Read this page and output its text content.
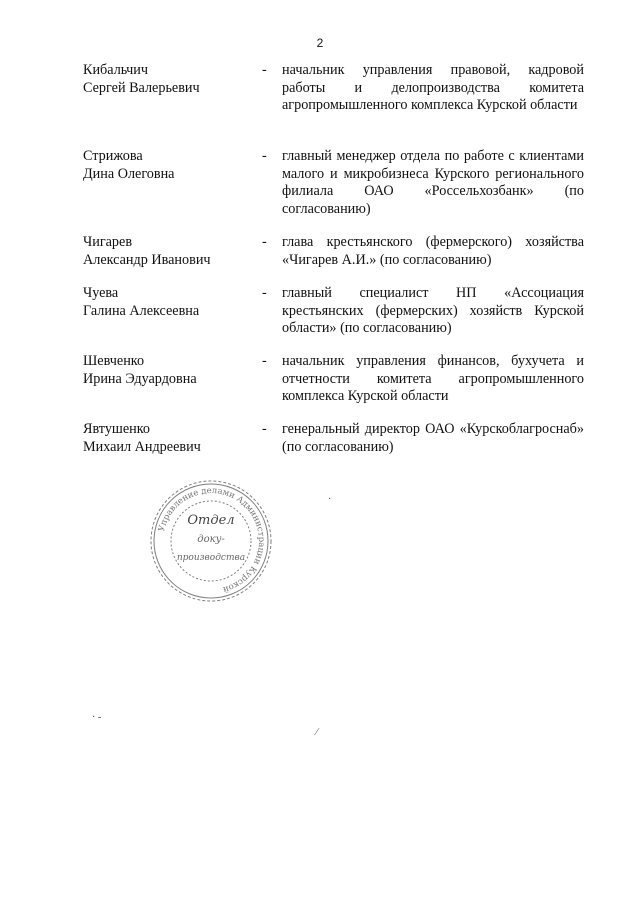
2
Кибальчич
Сергей Валерьевич
- начальник управления правовой, кадровой работы и делопроизводства комитета агропромышленного комплекса Курской области
Стрижова
Дина Олеговна
- главный менеджер отдела по работе с клиентами малого и микробизнеса Курского регионального филиала ОАО «Россельхозбанк» (по согласованию)
Чигарев
Александр Иванович
- глава крестьянского (фермерского) хозяйства «Чигарев А.И.» (по согласованию)
Чуева
Галина Алексеевна
- главный специалист НП «Ассоциация крестьянских (фермерских) хозяйств Курской области» (по согласованию)
Шевченко
Ирина Эдуардовна
- начальник управления финансов, бухучета и отчетности комитета агропромышленного комплекса Курской области
Явтушенко
Михаил Андреевич
- генеральный директор ОАО «Курскоблагроснаб» (по согласованию)
Управление делами Администрации Курской
Отдел
доку-
производства
·
· -
⁄
